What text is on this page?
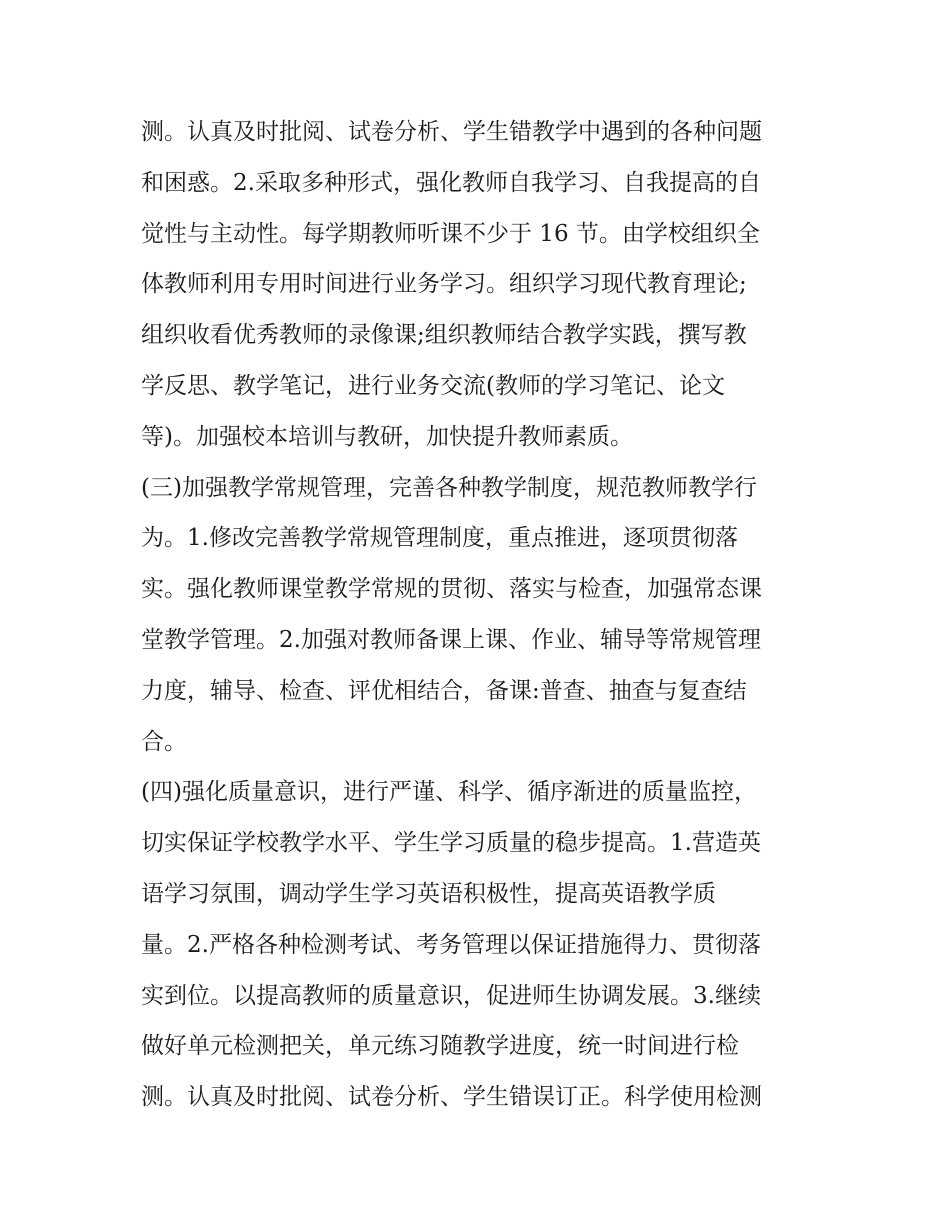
测。认真及时批阅、试卷分析、学生错教学中遇到的各种问题
和困惑。2.采取多种形式，强化教师自我学习、自我提高的自
觉性与主动性。每学期教师听课不少于 16 节。由学校组织全
体教师利用专用时间进行业务学习。组织学习现代教育理论;
组织收看优秀教师的录像课;组织教师结合教学实践，撰写教
学反思、教学笔记，进行业务交流(教师的学习笔记、论文
等)。加强校本培训与教研，加快提升教师素质。
(三)加强教学常规管理，完善各种教学制度，规范教师教学行
为。1.修改完善教学常规管理制度，重点推进，逐项贯彻落
实。强化教师课堂教学常规的贯彻、落实与检查，加强常态课
堂教学管理。2.加强对教师备课上课、作业、辅导等常规管理
力度，辅导、检查、评优相结合，备课:普查、抽查与复查结
合。
(四)强化质量意识，进行严谨、科学、循序渐进的质量监控，
切实保证学校教学水平、学生学习质量的稳步提高。1.营造英
语学习氛围，调动学生学习英语积极性，提高英语教学质
量。2.严格各种检测考试、考务管理以保证措施得力、贯彻落
实到位。以提高教师的质量意识，促进师生协调发展。3.继续
做好单元检测把关，单元练习随教学进度，统一时间进行检
测。认真及时批阅、试卷分析、学生错误订正。科学使用检测
